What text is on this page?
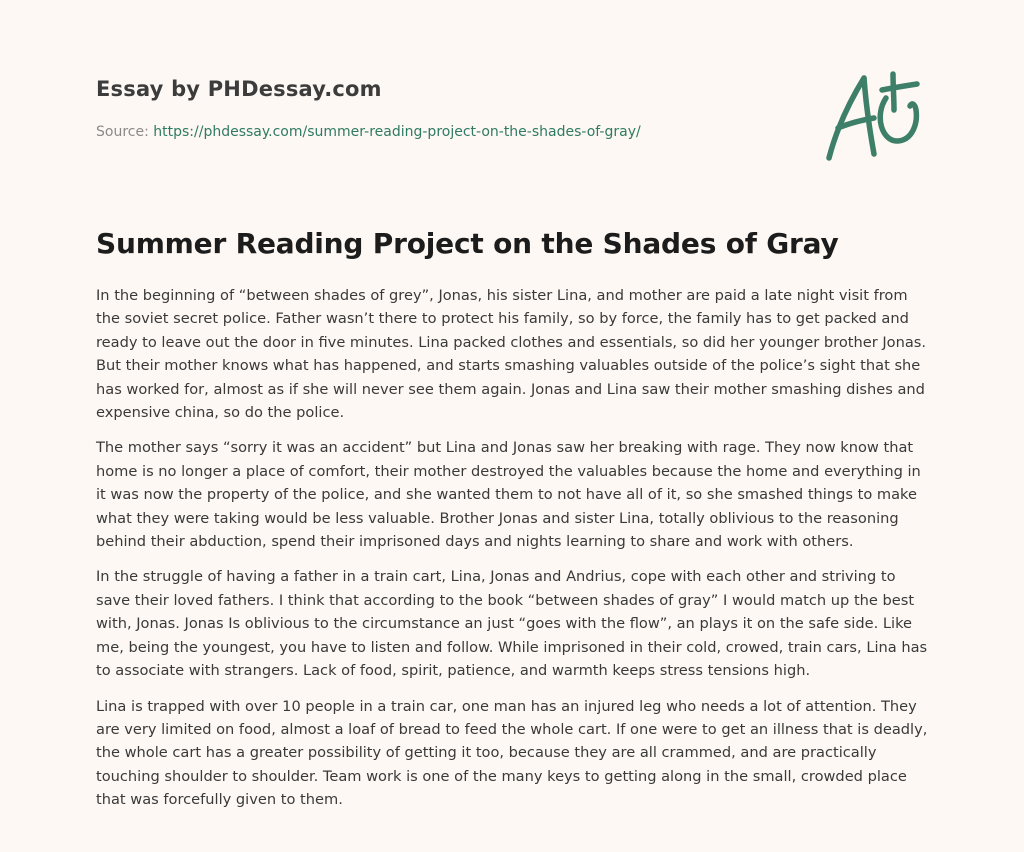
Essay by PHDessay.com
Source: https://phdessay.com/summer-reading-project-on-the-shades-of-gray/
Summer Reading Project on the Shades of Gray

In the beginning of “between shades of grey”, Jonas, his sister Lina, and mother are paid a late night visit from the soviet secret police. Father wasn’t there to protect his family, so by force, the family has to get packed and ready to leave out the door in five minutes. Lina packed clothes and essentials, so did her younger brother Jonas. But their mother knows what has happened, and starts smashing valuables outside of the police’s sight that she has worked for, almost as if she will never see them again. Jonas and Lina saw their mother smashing dishes and expensive china, so do the police.

The mother says “sorry it was an accident” but Lina and Jonas saw her breaking with rage. They now know that home is no longer a place of comfort, their mother destroyed the valuables because the home and everything in it was now the property of the police, and she wanted them to not have all of it, so she smashed things to make what they were taking would be less valuable. Brother Jonas and sister Lina, totally oblivious to the reasoning behind their abduction, spend their imprisoned days and nights learning to share and work with others.

In the struggle of having a father in a train cart, Lina, Jonas and Andrius, cope with each other and striving to save their loved fathers. I think that according to the book “between shades of gray” I would match up the best with, Jonas. Jonas Is oblivious to the circumstance an just “goes with the flow”, an plays it on the safe side. Like me, being the youngest, you have to listen and follow. While imprisoned in their cold, crowed, train cars, Lina has to associate with strangers. Lack of food, spirit, patience, and warmth keeps stress tensions high.

Lina is trapped with over 10 people in a train car, one man has an injured leg who needs a lot of attention. They are very limited on food, almost a loaf of bread to feed the whole cart. If one were to get an illness that is deadly, the whole cart has a greater possibility of getting it too, because they are all crammed, and are practically touching shoulder to shoulder. Team work is one of the many keys to getting along in the small, crowded place that was forcefully given to them.
